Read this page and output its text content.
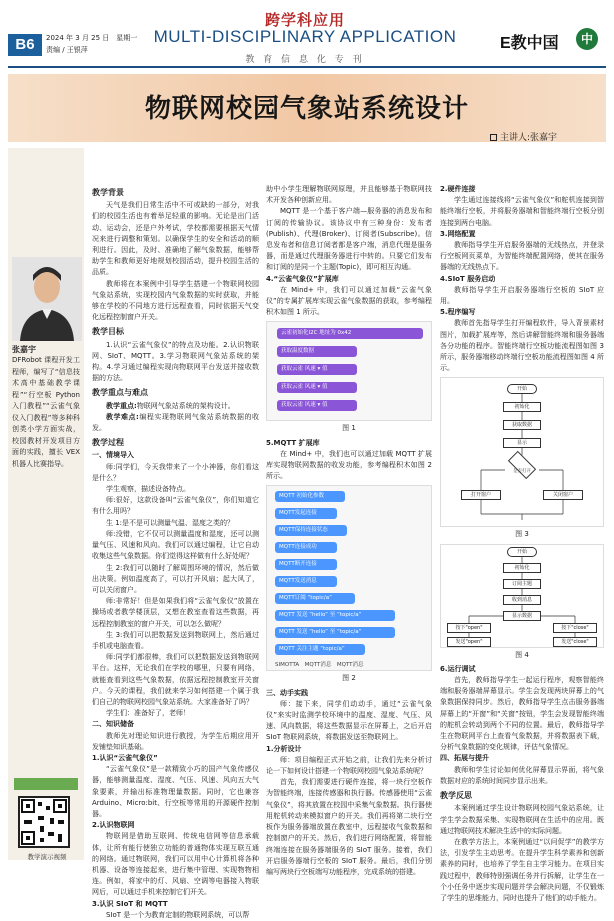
B6	2024 年 3 月 25 日　星期一
责编 / 王银萍
跨学科应用
MULTI-DISCIPLINARY APPLICATION
教 育 信 息 化 专 刊
E教中国	中
物联网校园气象站系统设计
主讲人:张嘉宇
张嘉宇
DFRobot 课程开发工程师，编写了“信息技术高中基础教学课程”“行空板 Python 入门教程”“云雀气象仪入门教程”等多种科创类小学方面实战，校园教材开发项目方面的实践，擅长 VEX 机器人比赛指导。
教学演示视频
教学背景

天气是我们日常生活中不可或缺的一部分，对我们的校园生活也有着举足轻重的影响。无论是出门活动、运动会，还是户外考试，学校都需要根据天气情况来进行调整和策划。以确保学生的安全和活动的顺利进行。因此，及时、准确地了解气象数据，能够帮助学生和教师更好地规划校园活动，提升校园生活的品质。

教师将在本案例中引导学生搭建一个物联网校园气象站系统，实现校园内气象数据的实时获取，并能够在学校的不同地方进行远程查看，同时依据天气变化远程控制窗户开关。

教学目标

1.认识“云雀气象仪”的特点及功能。2.认识物联网、SIoT、MQTT。3.学习物联网气象站系统的架构。4.学习通过编程实现向物联网平台发送并接收数据的方法。

教学重点与难点

教学重点:物联网气象站系统的架构设计。

教学难点:编程实现物联网气象站系统数据的收发。

教学过程

一、情境导入

师:同学们，今天我带来了一个小神器，你们看这是什么？

学生观察，描述设备特点。

师:很好，这款设备叫“云雀气象仪”，你们知道它有什么用吗？

生 1:是不是可以测量气温、湿度之类的？

师:没错，它不仅可以测量温度和湿度，还可以测量气压、风速和风向。我们可以通过编程，让它自动收集这些气象数据。你们觉得这样做有什么好处呢？

生 2:我们可以随时了解周围环境的情况，然后做出决策。例如温度高了，可以打开风扇；起大风了，可以关闭窗户。

师:非常好！但是如果我们将“云雀气象仪”放置在操场或者教学楼顶层，又想在教室查看这些数据，再远程控制教室的窗户开关，可以怎么做呢？

生 3:我们可以把数据发送到物联网上，然后通过手机或电脑查看。

师:同学们都很棒，我们可以把数据发送到物联网平台。这样，无论我们在学校的哪里，只要有网络，就能查看到这些气象数据，依据远程控制教室开关窗户。今天的课程，我们就来学习如何搭建一个属于我们自己的物联网校园气象站系统。大家准备好了吗？

学生们：准备好了，老师！

二、知识储备

教师先对理论知识进行教授，为学生后期应用开发铺垫知识基础。

1.认识“云雀气象仪”

“云雀气象仪”是一款精致小巧的国产气象传感仪器，能够测量温度、湿度、气压、风速、风向五大气象要素，并输出标准物理量数据。同时，它也兼容 Arduino、Micro:bit、行空板等常用的开源硬件控制器。

2.认识物联网

物联网是借助互联网、传统电信网等信息承载体，让所有能行使独立功能的普通物体实现互联互通的网络。通过物联网，我们可以用中心计算机将各种机器、设备等连接起来，进行集中管理、实现物物相连。例如，将家中的灯、风扇、空调等电器接入物联网后，可以通过手机来控制它们开关。

3.认识 SIoT 和 MQTT

SIoT 是一个为教育定制的物联网系统，可以帮

助中小学生理解物联网原理，并且能够基于物联网技术开发各种创新应用。

MQTT 是一个基于客户端—服务器的消息发布和订阅的传输协议。该协议中有三种身份：发布者(Publish)、代理(Broker)、订阅者(Subscribe)。信息发布者和信息订阅者都是客户端，消息代理是服务器，而是通过代理服务器进行中转的。只要它们发布和订阅的是同一个主题(Topic)，即可相互沟通。

4.“云雀气象仪”扩展库

在 Mind+ 中，我们可以通过加载“云雀气象仪”的专属扩展库实现云雀气象数据的获取，参考编程积木如图 1 所示。

云雀初始化I2C 地址为 0x42
获取温度数据
获取云雀 风速 ▾ 值
获取云雀 风速 ▾ 值
获取云雀 风速 ▾ 值
图 1

5.MQTT 扩展库

在 Mind+ 中，我们也可以通过加载 MQTT 扩展库实现物联网数据的收发功能，参考编程积木如图 2 所示。

MQTT 初始化参数
MQTT发起连接
MQTT保持连接状态
MQTT连接成功
MQTT断开连接
MQTT发送消息
MQTT订阅 “topic/a”
MQTT 发送 “hello” 至 “topic/a”
MQTT 发送 “hello” 至 “topic/a”
MQTT 关注主题 “topic/a”
SIMOTTA　MQTT消息　MQTT消息
图 2

三、动手实践

师：接下来，同学们动动手，通过“云雀气象仪”来实时监测学校环境中的温度、湿度、气压、风速、风向数据，将这些数据显示在屏幕上，之后开启 SIoT 物联网系统，将数据发送至物联网上。

1.分析设计

师：项目编程正式开始之前，让我们先来分析讨论一下如何设计搭建一个物联网校园气象站系统呢？

首先，我们需要进行硬件连接，将一块行空板作为智能终端，连接传感器和执行器。传感器使用“云雀气象仪”，将其放置在校园中采集气象数据。执行器使用舵机转动来模拟窗户的开关。我们再将第二块行空板作为服务器端放置在教室中，远程接收气象数据和控制窗户的开关。然后，我们进行网络配置，将智能终端连接在服务器端服务的 SIoT 服务。接着，我们开启服务器端行空板的 SIoT 服务。最后，我们分别编写两块行空板端写功能程序，完成系统的搭建。

2.硬件连接

学生通过连接线将“云雀气象仪”和舵机连接到智能终端行空板，并将服务器端和智能终端行空板分别连接到两台电脑。

3.网络配置

教师指导学生开启服务器端的无线热点，并登录行空板网页菜单，为智能终端配置网络，使其在服务器端的无线热点下。

4.SIoT 服务启动

教师指导学生开启服务器端行空板的 SIoT 应用。

5.程序编写

教师首先指导学生打开编程软件，导入背景素材图片，加载扩展库等，然后讲解智能终端和服务器端各分功能的程序。智能终端行空板功能流程图如图 3 所示，服务器端移动终端行空板功能流程图如图 4 所示。

开始
初始化
获取数据
显示
是否打开
打开窗户	关闭窗户
图 3
开始
初始化
订阅主题
收到消息
显示数据
按下"open"	按下"close"
发送"open"	发送"close"
图 4

6.运行调试

首先，教师指导学生一起运行程序，观察智能终端和服务器端屏幕显示。学生会发现两块屏幕上的气象数据保持同步。然后，教师指导学生点击服务器端屏幕上的“开窗”和“关窗”按钮，学生会发现智能终端的舵机会转动到两个不同的位置。最后，教师指导学生在物联网平台上查看气象数据，并将数据表下载，分析气象数据的变化规律，评估气象情况。

四、拓展与提升

教师和学生讨论如何优化屏幕显示界面，将气象数据对应的系统时间同步显示出来。

教学反思

本案例通过学生设计物联网校园气象站系统，让学生学会数据采集、实现物联网在生活中的应用。既通过物联网技术解决生活中的实际问题。

在教学方法上，本案例通过“以问促学”的教学方法，引发学生主动思考。在提升学生科学素养和创新素养的同时，也培养了学生自主学习能力。在项目实践过程中，教师特别强调任务并行拆解，让学生在一个小任务中逐步实现问题并学会解决问题，不仅锻炼了学生的思维能力，同时也提升了他们的动手能力。
